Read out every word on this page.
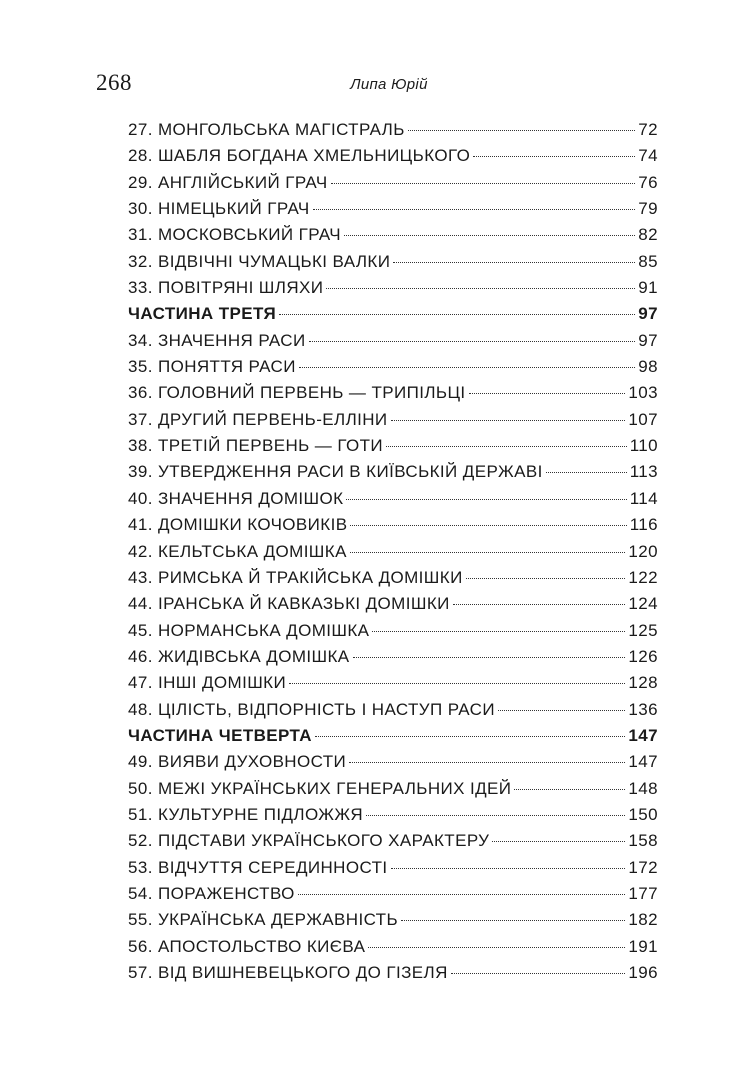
268	Липа Юрій
27. МОНГОЛЬСЬКА МАГІСТРАЛЬ	72
28. ШАБЛЯ БОГДАНА ХМЕЛЬНИЦЬКОГО	74
29. АНГЛІЙСЬКИЙ ГРАЧ	76
30. НІМЕЦЬКИЙ ГРАЧ	79
31. МОСКОВСЬКИЙ ГРАЧ	82
32. ВІДВІЧНІ ЧУМАЦЬКІ ВАЛКИ	85
33. ПОВІТРЯНІ ШЛЯХИ	91
ЧАСТИНА ТРЕТЯ	97
34. ЗНАЧЕННЯ РАСИ	97
35. ПОНЯТТЯ РАСИ	98
36. ГОЛОВНИЙ ПЕРВЕНЬ — ТРИПІЛЬЦІ	103
37. ДРУГИЙ ПЕРВЕНЬ-ЕЛЛІНИ	107
38. ТРЕТІЙ ПЕРВЕНЬ — ГОТИ	110
39. УТВЕРДЖЕННЯ РАСИ В КИЇВСЬКІЙ ДЕРЖАВІ	113
40. ЗНАЧЕННЯ ДОМІШОК	114
41. ДОМІШКИ КОЧОВИКІВ	116
42. КЕЛЬТСЬКА ДОМІШКА	120
43. РИМСЬКА Й ТРАКІЙСЬКА ДОМІШКИ	122
44. ІРАНСЬКА Й КАВКАЗЬКІ ДОМІШКИ	124
45. НОРМАНСЬКА ДОМІШКА	125
46. ЖИДІВСЬКА ДОМІШКА	126
47. ІНШІ ДОМІШКИ	128
48. ЦІЛІСТЬ, ВІДПОРНІСТЬ І НАСТУП РАСИ	136
ЧАСТИНА ЧЕТВЕРТА	147
49. ВИЯВИ ДУХОВНОСТИ	147
50. МЕЖІ УКРАЇНСЬКИХ ГЕНЕРАЛЬНИХ ІДЕЙ	148
51. КУЛЬТУРНЕ ПІДЛОЖЖЯ	150
52. ПІДСТАВИ УКРАЇНСЬКОГО ХАРАКТЕРУ	158
53. ВІДЧУТТЯ СЕРЕДИННОСТІ	172
54. ПОРАЖЕНСТВО	177
55. УКРАЇНСЬКА ДЕРЖАВНІСТЬ	182
56. АПОСТОЛЬСТВО КИЄВА	191
57. ВІД ВИШНЕВЕЦЬКОГО ДО ГІЗЕЛЯ	196
